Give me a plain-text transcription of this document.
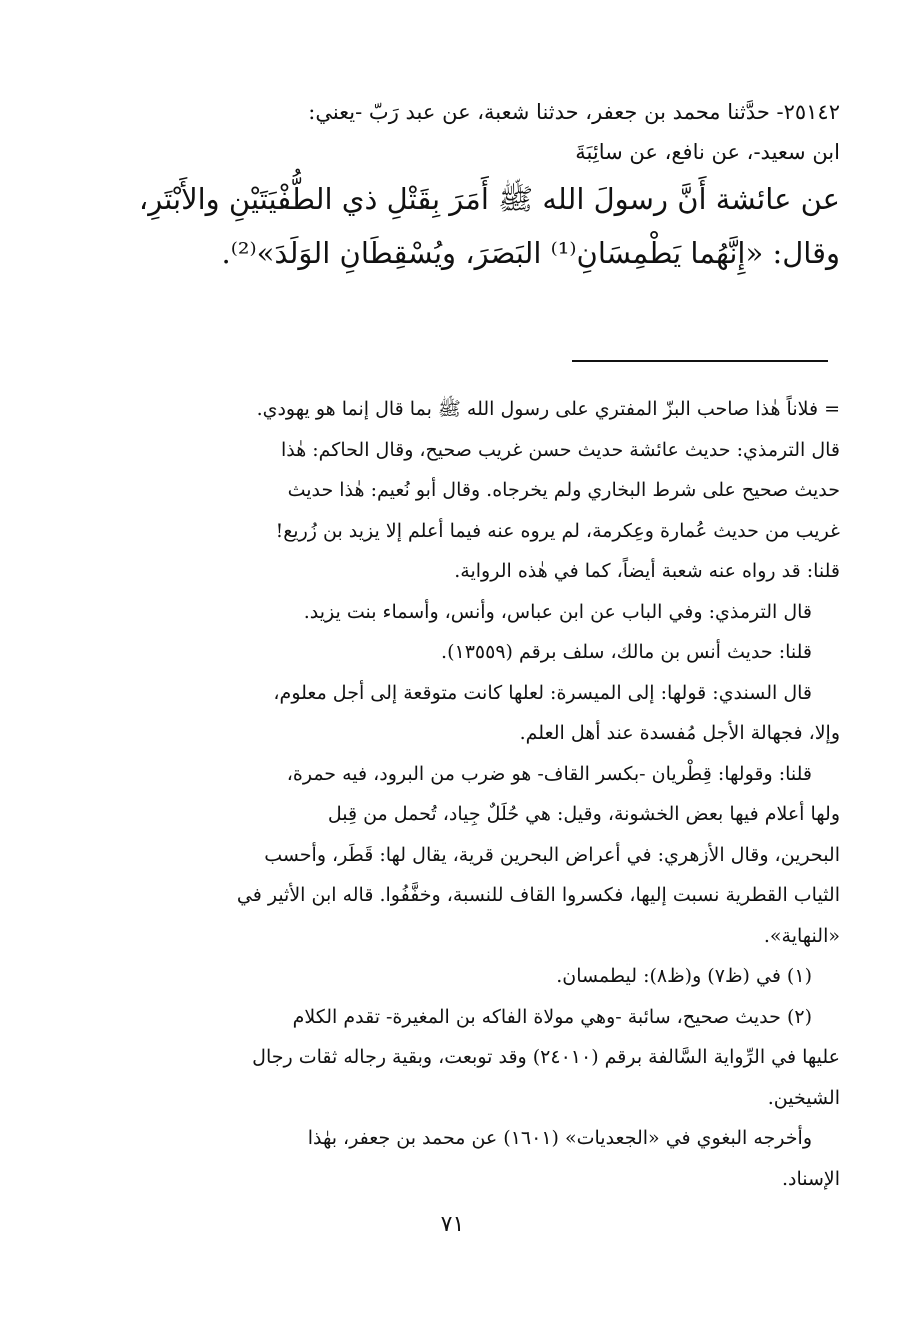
٢٥١٤٢- حدَّثنا محمد بن جعفر، حدثنا شعبة، عن عبد رَبّ -يعني:
ابن سعيد-، عن نافع، عن سائِبَةَ
عن عائشة أَنَّ رسولَ الله ﷺ أَمَرَ بِقَتْلِ ذي الطُّفْيَتَيْنِ والأَبْتَرِ،
وقال: «إِنَّهُما يَطْمِسَانِ⁽¹⁾ البَصَرَ، ويُسْقِطَانِ الوَلَدَ»⁽²⁾.
= فلاناً هٰذا صاحب البزّ المفتري على رسول الله ﷺ بما قال إنما هو يهودي.
قال الترمذي: حديث عائشة حديث حسن غريب صحيح، وقال الحاكم: هٰذا
حديث صحيح على شرط البخاري ولم يخرجاه. وقال أبو نُعيم: هٰذا حديث
غريب من حديث عُمارة وعِكرمة، لم يروه عنه فيما أعلم إلا يزيد بن زُريع!
قلنا: قد رواه عنه شعبة أيضاً، كما في هٰذه الرواية.
قال الترمذي: وفي الباب عن ابن عباس، وأنس، وأسماء بنت يزيد.
قلنا: حديث أنس بن مالك، سلف برقم (١٣٥٥٩).
قال السندي: قولها: إلى الميسرة: لعلها كانت متوقعة إلى أجل معلوم،
وإلا، فجهالة الأجل مُفسدة عند أهل العلم.
قلنا: وقولها: قِطْريان -بكسر القاف- هو ضرب من البرود، فيه حمرة،
ولها أعلام فيها بعض الخشونة، وقيل: هي حُلَلٌ جِياد، تُحمل من قِبل
البحرين، وقال الأزهري: في أعراض البحرين قرية، يقال لها: قَطَر، وأحسب
الثياب القطرية نسبت إليها، فكسروا القاف للنسبة، وخفَّفُوا. قاله ابن الأثير في
«النهاية».
(١) في (ظ٧) و(ظ٨): ليطمسان.
(٢) حديث صحيح، سائبة -وهي مولاة الفاكه بن المغيرة- تقدم الكلام
عليها في الرِّواية السَّالفة برقم (٢٤٠١٠) وقد توبعت، وبقية رجاله ثقات رجال
الشيخين.
وأخرجه البغوي في «الجعديات» (١٦٠١) عن محمد بن جعفر، بهٰذا
الإسناد.
٧١
